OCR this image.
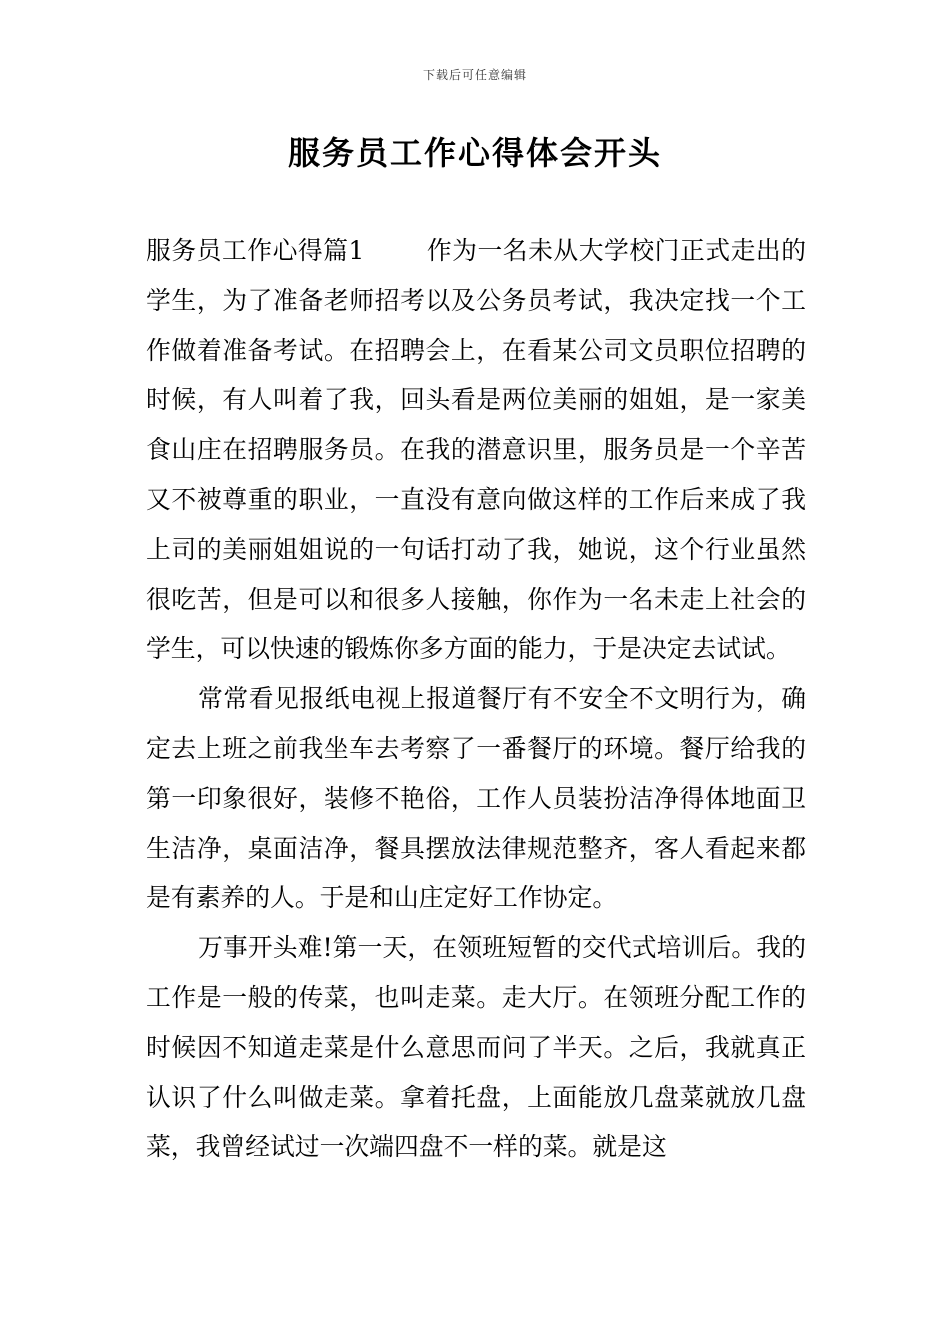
下载后可任意编辑
服务员工作心得体会开头

服务员工作心得篇1	作为一名未从大学校门正式走出的学生，为了准备老师招考以及公务员考试，我决定找一个工作做着准备考试。在招聘会上，在看某公司文员职位招聘的时候，有人叫着了我，回头看是两位美丽的姐姐，是一家美食山庄在招聘服务员。在我的潜意识里，服务员是一个辛苦又不被尊重的职业，一直没有意向做这样的工作后来成了我上司的美丽姐姐说的一句话打动了我，她说，这个行业虽然很吃苦，但是可以和很多人接触，你作为一名未走上社会的学生，可以快速的锻炼你多方面的能力，于是决定去试试。

常常看见报纸电视上报道餐厅有不安全不文明行为，确定去上班之前我坐车去考察了一番餐厅的环境。餐厅给我的第一印象很好，装修不艳俗，工作人员装扮洁净得体地面卫生洁净，桌面洁净，餐具摆放法律规范整齐，客人看起来都是有素养的人。于是和山庄定好工作协定。

万事开头难!第一天，在领班短暂的交代式培训后。我的工作是一般的传菜，也叫走菜。走大厅。在领班分配工作的时候因不知道走菜是什么意思而问了半天。之后，我就真正认识了什么叫做走菜。拿着托盘，上面能放几盘菜就放几盘菜，我曾经试过一次端四盘不一样的菜。就是这
